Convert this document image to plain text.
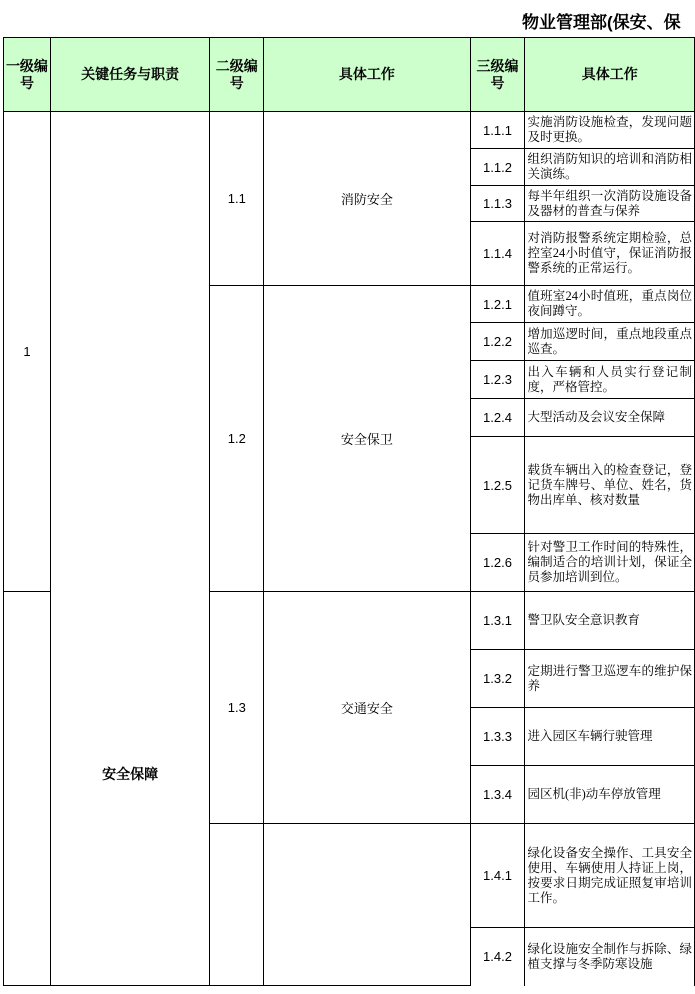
物业管理部(保安、保
一级编号	关键任务与职责	二级编号	具体工作	三级编号	具体工作
1	安全保障	1.1	消防安全	1.1.1	实施消防设施检查，发现问题及时更换。
				1.1.2	组织消防知识的培训和消防相关演练。
				1.1.3	每半年组织一次消防设施设备及器材的普查与保养
				1.1.4	对消防报警系统定期检验，总控室24小时值守，保证消防报警系统的正常运行。
		1.2	安全保卫	1.2.1	值班室24小时值班，重点岗位夜间蹲守。
				1.2.2	增加巡逻时间，重点地段重点巡查。
				1.2.3	出入车辆和人员实行登记制度，严格管控。
				1.2.4	大型活动及会议安全保障
				1.2.5	载货车辆出入的检查登记，登记货车牌号、单位、姓名，货物出库单、核对数量
				1.2.6	针对警卫工作时间的特殊性，编制适合的培训计划，保证全员参加培训到位。
		1.3	交通安全	1.3.1	警卫队安全意识教育
				1.3.2	定期进行警卫巡逻车的维护保养
				1.3.3	进入园区车辆行驶管理
				1.3.4	园区机(非)动车停放管理
				1.4.1	绿化设备安全操作、工具安全使用、车辆使用人持证上岗，按要求日期完成证照复审培训工作。
				1.4.2	绿化设施安全制作与拆除、绿植支撑与冬季防寒设施
